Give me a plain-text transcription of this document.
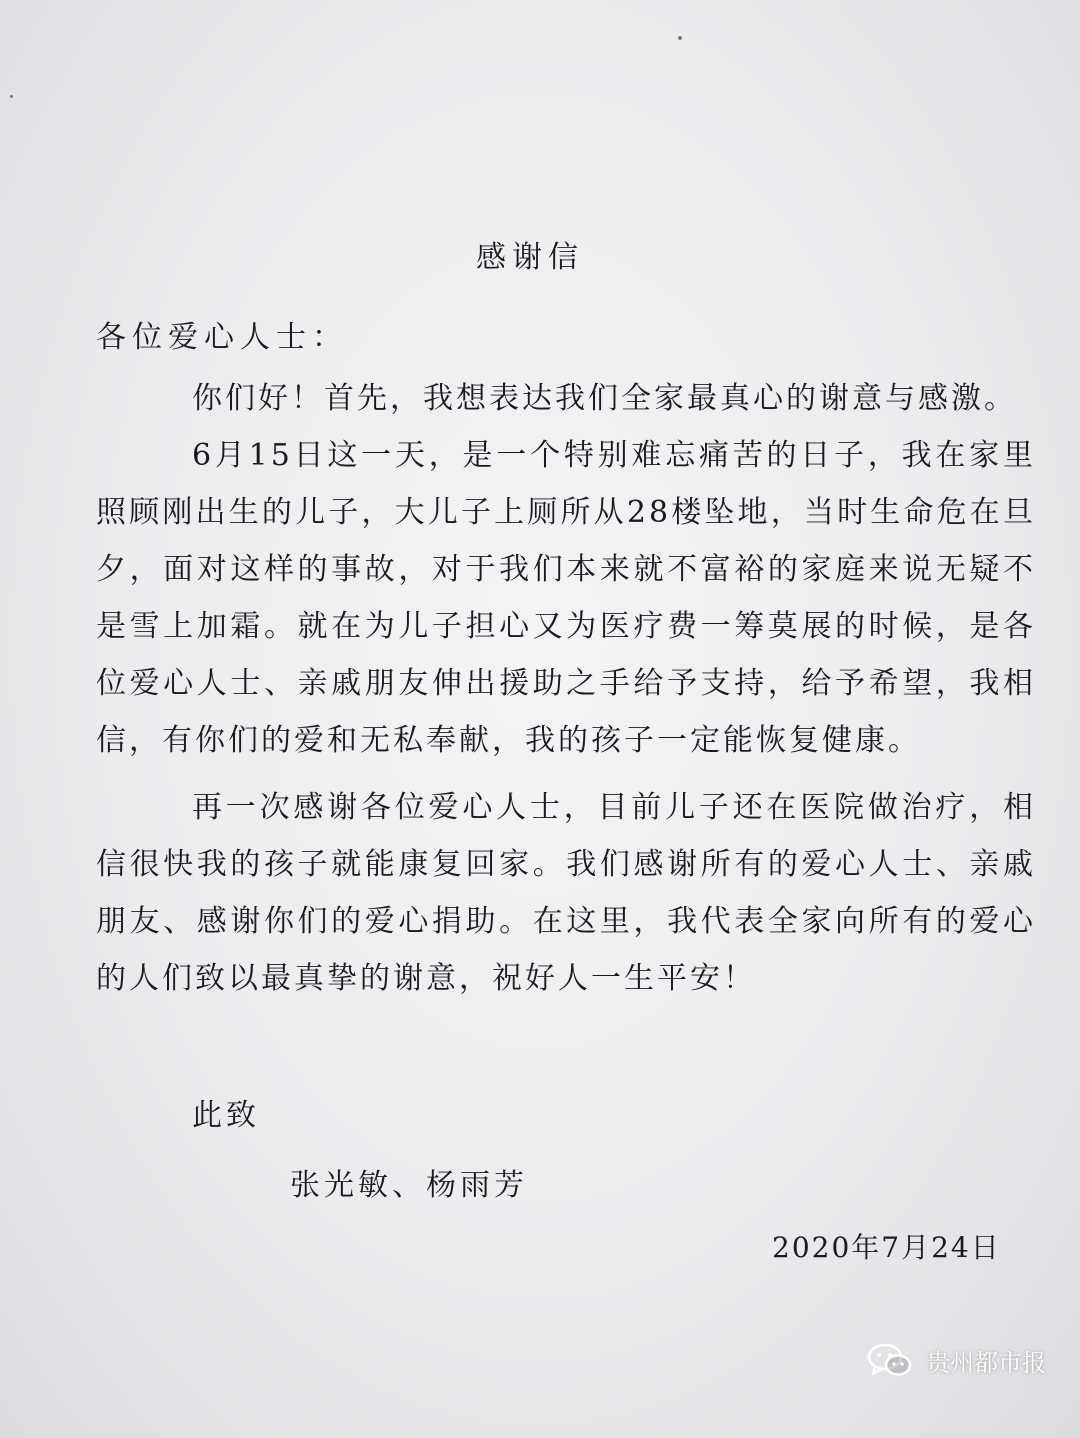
感谢信
各位爱心人士：

你们好！首先，我想表达我们全家最真心的谢意与感激。

6月15日这一天，是一个特别难忘痛苦的日子，我在家里照顾刚出生的儿子，大儿子上厕所从28楼坠地，当时生命危在旦夕，面对这样的事故，对于我们本来就不富裕的家庭来说无疑不是雪上加霜。就在为儿子担心又为医疗费一筹莫展的时候，是各位爱心人士、亲戚朋友伸出援助之手给予支持，给予希望，我相信，有你们的爱和无私奉献，我的孩子一定能恢复健康。

再一次感谢各位爱心人士，目前儿子还在医院做治疗，相信很快我的孩子就能康复回家。我们感谢所有的爱心人士、亲戚朋友、感谢你们的爱心捐助。在这里，我代表全家向所有的爱心的人们致以最真挚的谢意，祝好人一生平安！

此致
张光敏、杨雨芳
2020年7月24日
贵州都市报
